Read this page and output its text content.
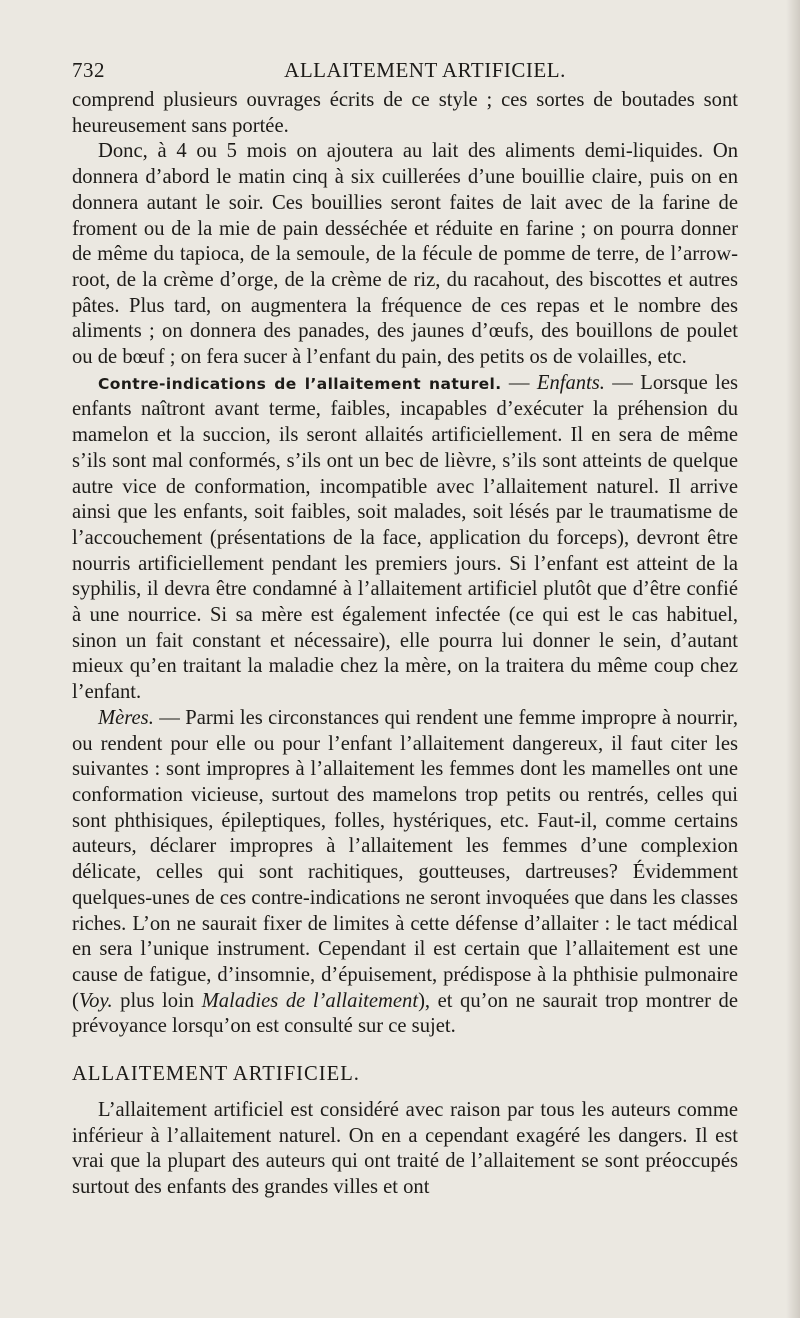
732	ALLAITEMENT ARTIFICIEL.

comprend plusieurs ouvrages écrits de ce style ; ces sortes de boutades sont heureusement sans portée.

Donc, à 4 ou 5 mois on ajoutera au lait des aliments demi-liquides. On donnera d’abord le matin cinq à six cuillerées d’une bouillie claire, puis on en donnera autant le soir. Ces bouillies seront faites de lait avec de la farine de froment ou de la mie de pain desséchée et réduite en farine ; on pourra donner de même du tapioca, de la semoule, de la fécule de pomme de terre, de l’arrow-root, de la crème d’orge, de la crème de riz, du racahout, des biscottes et autres pâtes. Plus tard, on augmentera la fréquence de ces repas et le nombre des aliments ; on donnera des panades, des jaunes d’œufs, des bouillons de poulet ou de bœuf ; on fera sucer à l’enfant du pain, des petits os de volailles, etc.

Contre-indications de l’allaitement naturel. — Enfants. — Lorsque les enfants naîtront avant terme, faibles, incapables d’exécuter la préhension du mamelon et la succion, ils seront allaités artificiellement. Il en sera de même s’ils sont mal conformés, s’ils ont un bec de lièvre, s’ils sont atteints de quelque autre vice de conformation, incompatible avec l’allaitement naturel. Il arrive ainsi que les enfants, soit faibles, soit malades, soit lésés par le traumatisme de l’accouchement (présentations de la face, application du forceps), devront être nourris artificiellement pendant les premiers jours. Si l’enfant est atteint de la syphilis, il devra être condamné à l’allaitement artificiel plutôt que d’être confié à une nourrice. Si sa mère est également infectée (ce qui est le cas habituel, sinon un fait constant et nécessaire), elle pourra lui donner le sein, d’autant mieux qu’en traitant la maladie chez la mère, on la traitera du même coup chez l’enfant.

Mères. — Parmi les circonstances qui rendent une femme impropre à nourrir, ou rendent pour elle ou pour l’enfant l’allaitement dangereux, il faut citer les suivantes : sont impropres à l’allaitement les femmes dont les mamelles ont une conformation vicieuse, surtout des mamelons trop petits ou rentrés, celles qui sont phthisiques, épileptiques, folles, hystériques, etc. Faut-il, comme certains auteurs, déclarer impropres à l’allaitement les femmes d’une complexion délicate, celles qui sont rachitiques, goutteuses, dartreuses? Évidemment quelques-unes de ces contre-indications ne seront invoquées que dans les classes riches. L’on ne saurait fixer de limites à cette défense d’allaiter : le tact médical en sera l’unique instrument. Cependant il est certain que l’allaitement est une cause de fatigue, d’insomnie, d’épuisement, prédispose à la phthisie pulmonaire (Voy. plus loin Maladies de l’allaitement), et qu’on ne saurait trop montrer de prévoyance lorsqu’on est consulté sur ce sujet.

ALLAITEMENT ARTIFICIEL.

L’allaitement artificiel est considéré avec raison par tous les auteurs comme inférieur à l’allaitement naturel. On en a cependant exagéré les dangers. Il est vrai que la plupart des auteurs qui ont traité de l’allaitement se sont préoccupés surtout des enfants des grandes villes et ont
